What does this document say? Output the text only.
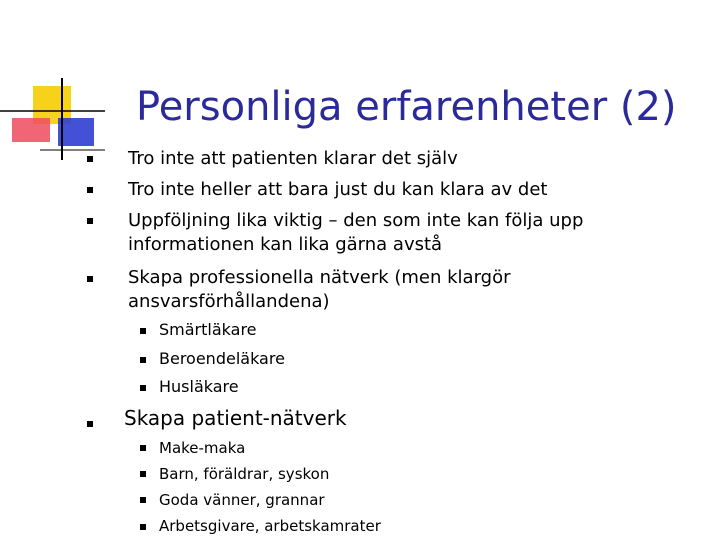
Personliga erfarenheter (2)
Tro inte att patienten klarar det själv
Tro inte heller att bara just du kan klara av det
Uppföljning lika viktig – den som inte kan följa upp
informationen kan lika gärna avstå
Skapa professionella nätverk (men klargör
ansvarsförhållandena)
Smärtläkare
Beroendeläkare
Husläkare
Skapa patient-nätverk
Make-maka
Barn, föräldrar, syskon
Goda vänner, grannar
Arbetsgivare, arbetskamrater
